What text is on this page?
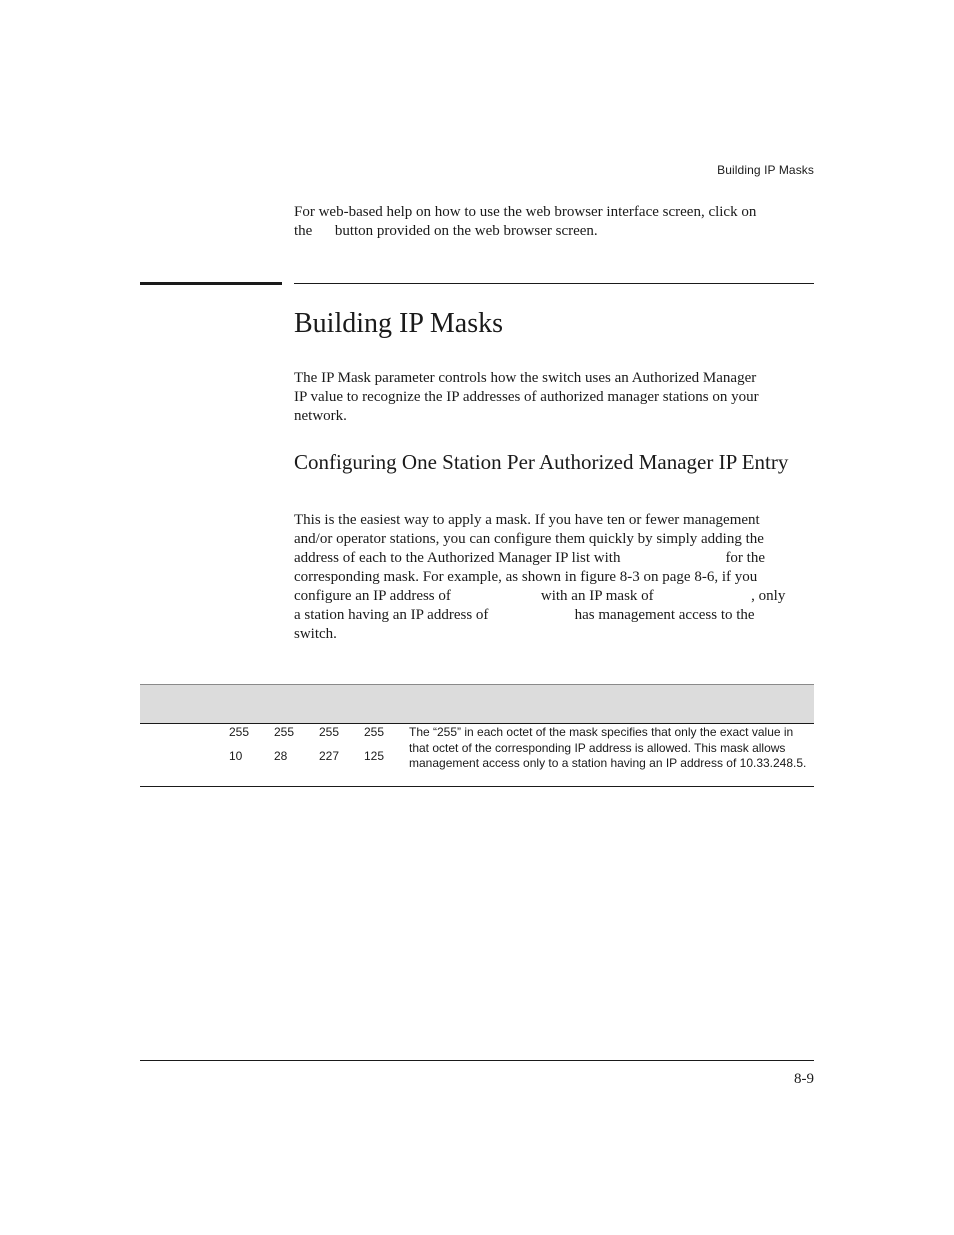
Building IP Masks

For web-based help on how to use the web browser interface screen, click on

the      button provided on the web browser screen.

Building IP Masks

The IP Mask parameter controls how the switch uses an Authorized Manager

IP value to recognize the IP addresses of authorized manager stations on your

network.

Configuring One Station Per Authorized Manager IP Entry

This is the easiest way to apply a mask. If you have ten or fewer management

and/or operator stations, you can configure them quickly by simply adding the

address of each to the Authorized Manager IP list with                            for the

corresponding mask. For example, as shown in figure 8-3 on page 8-6, if you

configure an IP address of                        with an IP mask of                          , only

a station having an IP address of                       has management access to the

switch.

255	255	255	255
10	28	227	125
The “255” in each octet of the mask specifies that only the exact value in
that octet of the corresponding IP address is allowed. This mask allows
management access only to a station having an IP address of 10.33.248.5.
8-9
